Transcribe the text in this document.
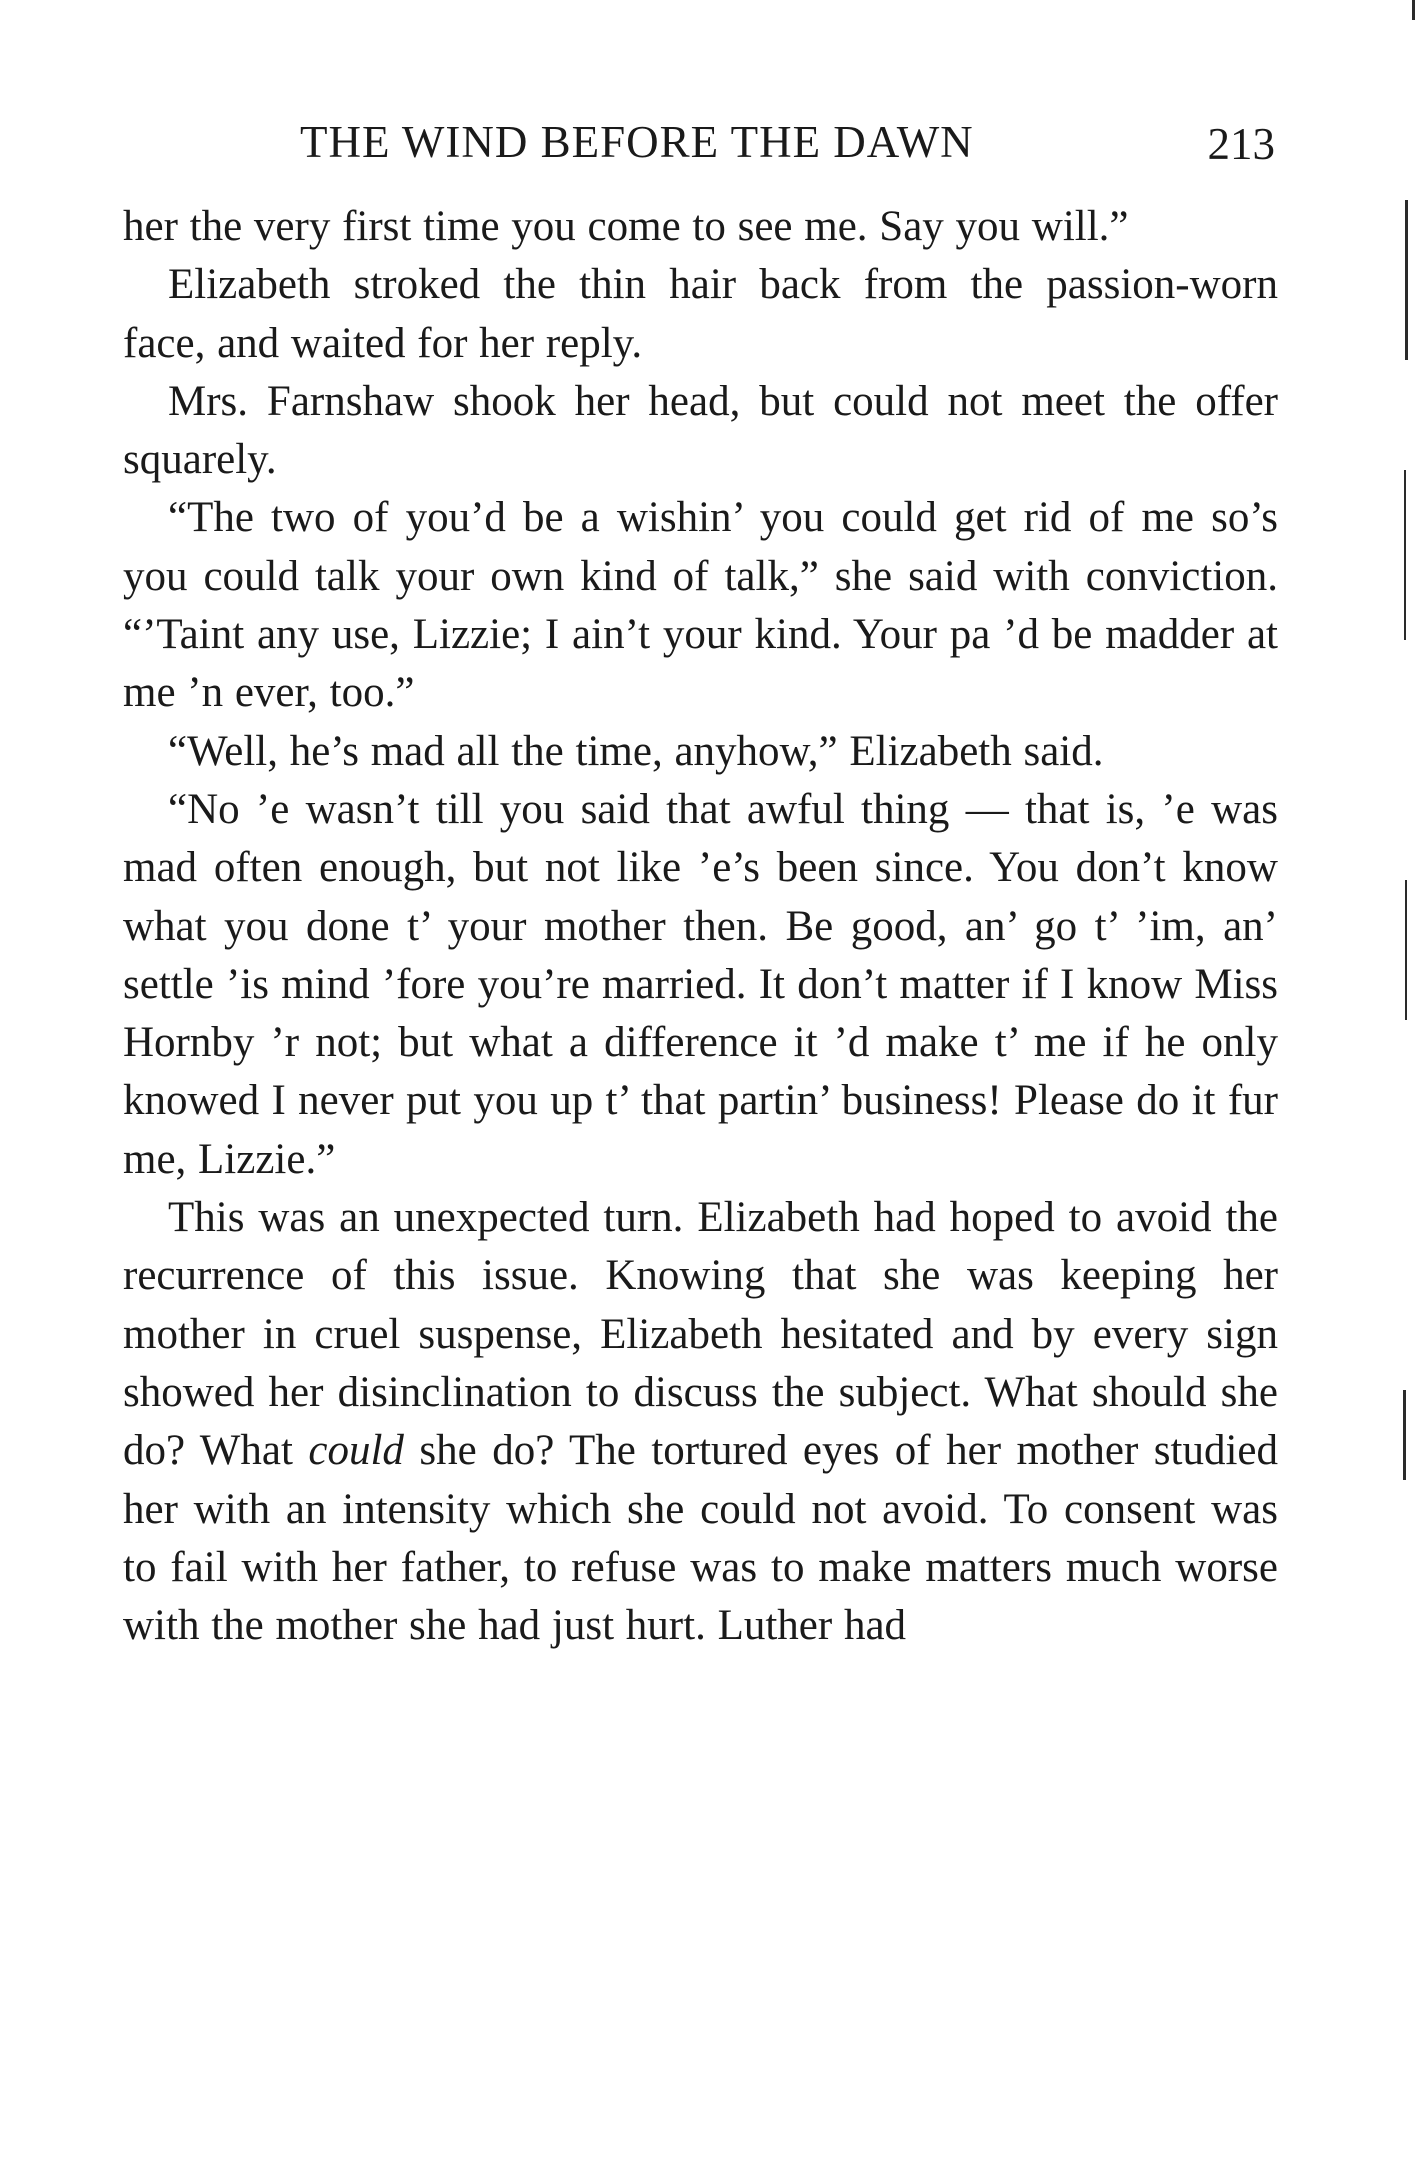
THE WIND BEFORE THE DAWN	213

her the very first time you come to see me. Say you will.”

Elizabeth stroked the thin hair back from the passion-worn face, and waited for her reply.

Mrs. Farnshaw shook her head, but could not meet the offer squarely.

“The two of you’d be a wishin’ you could get rid of me so’s you could talk your own kind of talk,” she said with conviction. “’Taint any use, Lizzie; I ain’t your kind. Your pa ’d be madder at me ’n ever, too.”

“Well, he’s mad all the time, anyhow,” Elizabeth said.

“No ’e wasn’t till you said that awful thing — that is, ’e was mad often enough, but not like ’e’s been since. You don’t know what you done t’ your mother then. Be good, an’ go t’ ’im, an’ settle ’is mind ’fore you’re married. It don’t matter if I know Miss Hornby ’r not; but what a difference it ’d make t’ me if he only knowed I never put you up t’ that partin’ business! Please do it fur me, Lizzie.”

This was an unexpected turn. Elizabeth had hoped to avoid the recurrence of this issue. Knowing that she was keeping her mother in cruel suspense, Elizabeth hesitated and by every sign showed her disinclination to discuss the subject. What should she do? What could she do? The tortured eyes of her mother studied her with an intensity which she could not avoid. To consent was to fail with her father, to refuse was to make matters much worse with the mother she had just hurt. Luther had
